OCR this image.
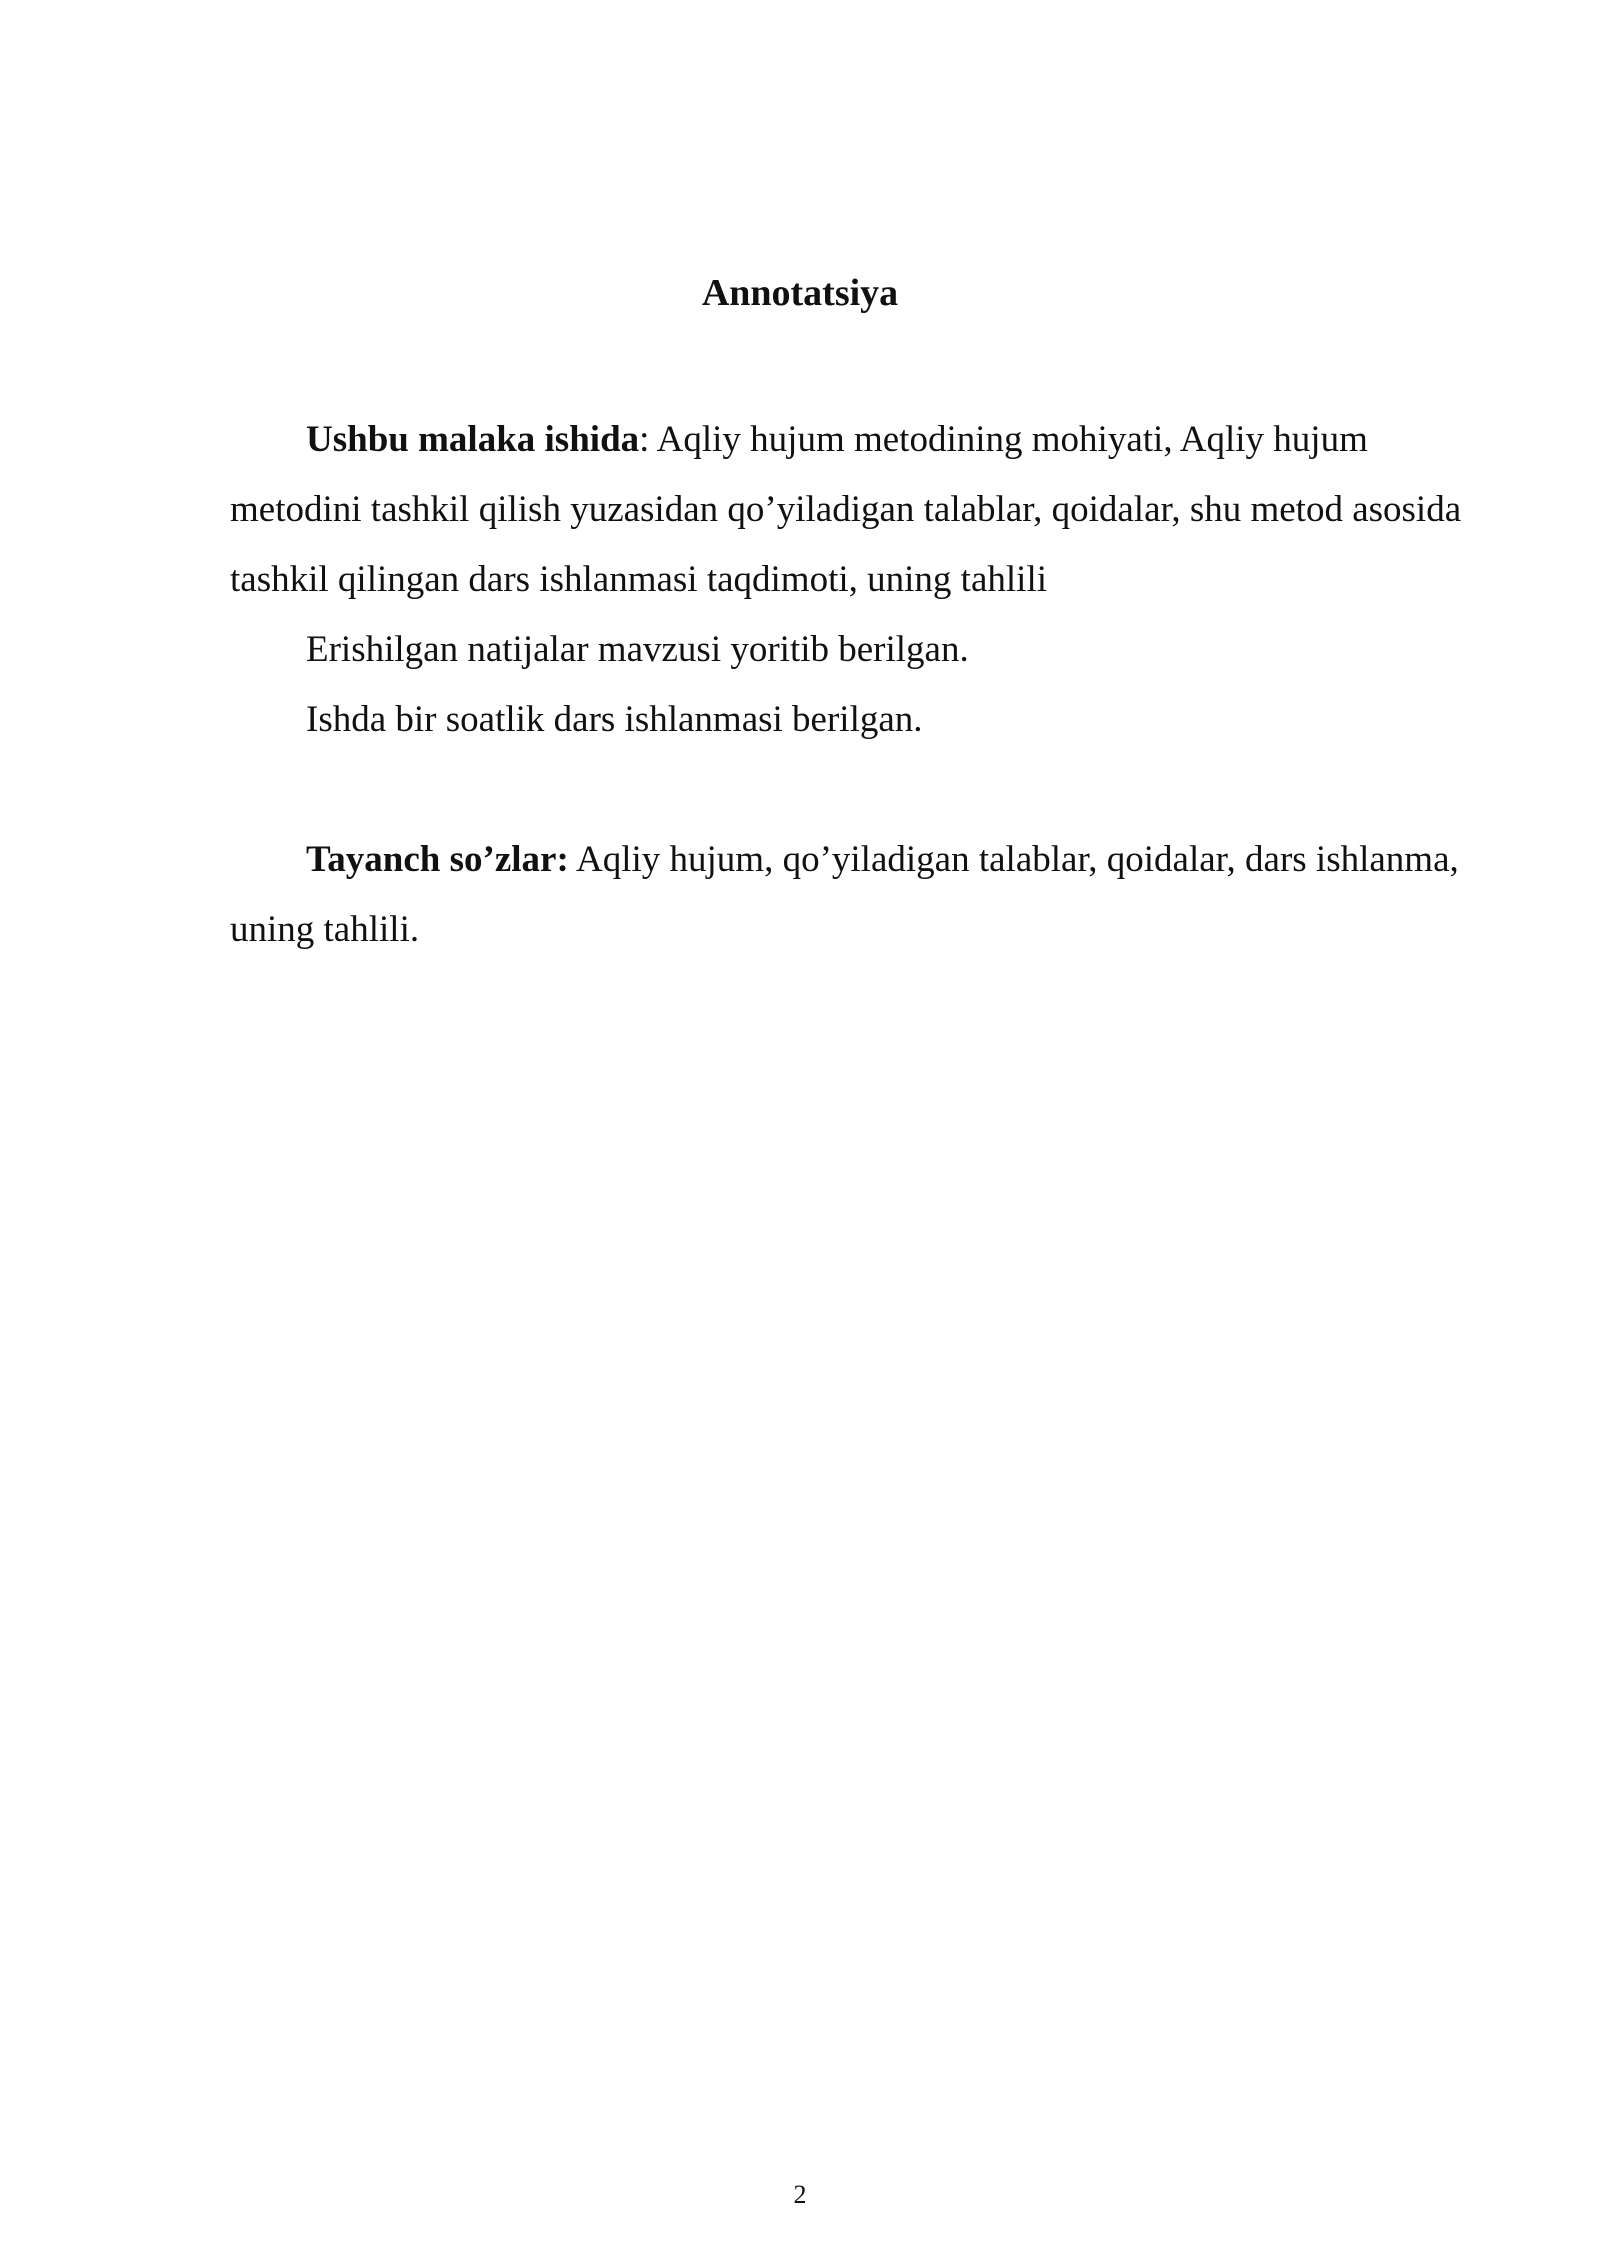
Annotatsiya

Ushbu malaka ishida: Aqliy hujum metodining mohiyati, Aqliy hujum metodini tashkil qilish yuzasidan qo’yiladigan talablar, qoidalar, shu metod asosida tashkil qilingan dars ishlanmasi taqdimoti, uning tahlili

Erishilgan natijalar mavzusi yoritib berilgan.

Ishda bir soatlik dars ishlanmasi berilgan.

Tayanch so’zlar: Aqliy hujum, qo’yiladigan talablar, qoidalar, dars ishlanma, uning tahlili.

2
